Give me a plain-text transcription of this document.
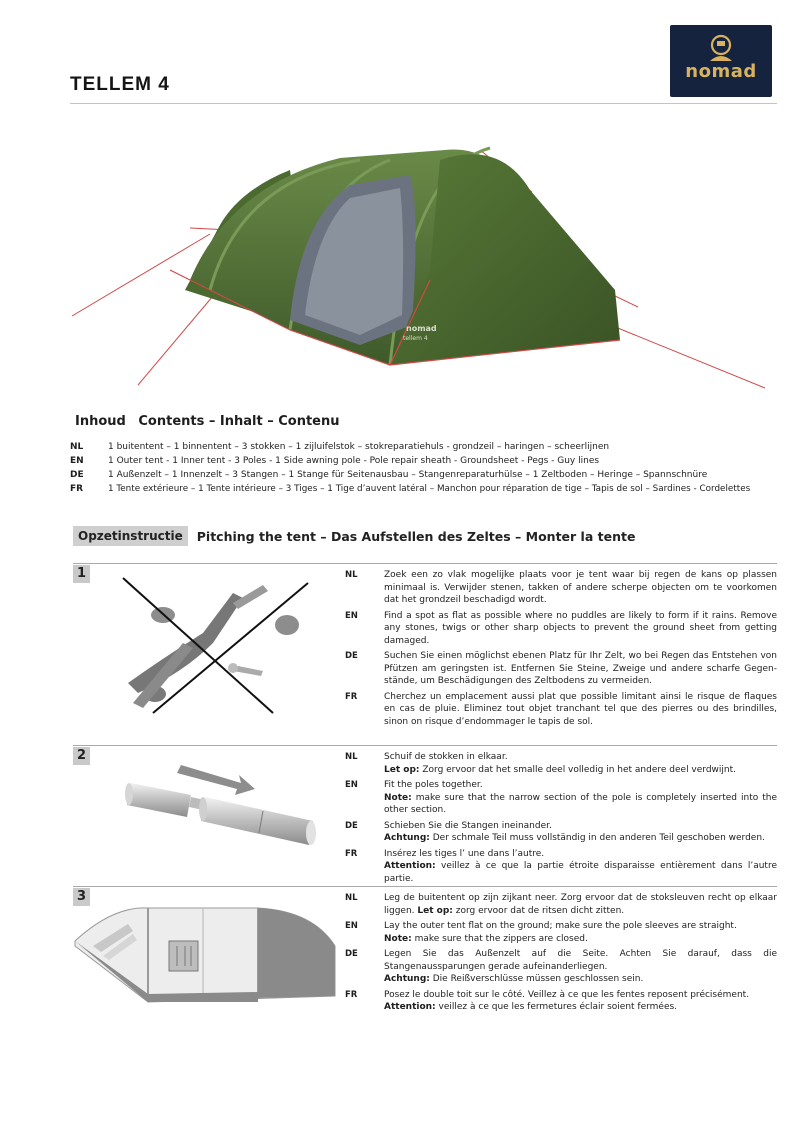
TELLEM 4
nomad
nomad
tellem 4
Inhoud Contents – Inhalt – Contenu
NL	1 buitentent – 1 binnentent – 3 stokken – 1 zijluifelstok – stokreparatiehuls - grondzeil – haringen – scheerlijnen
EN	1 Outer tent - 1 Inner tent - 3 Poles - 1 Side awning pole - Pole repair sheath - Groundsheet - Pegs - Guy lines
DE	1 Außenzelt – 1 Innenzelt – 3 Stangen – 1 Stange für Seitenausbau – Stangenreparaturhülse – 1 Zeltboden – Heringe – Spannschnüre
FR	1 Tente extérieure – 1 Tente intérieure – 3 Tiges – 1 Tige d’auvent latéral – Manchon pour réparation de tige – Tapis de sol – Sardines - Cordelettes
Opzetinstructie	Pitching the tent – Das Aufstellen des Zeltes – Monter la tente
1	NL	Zoek een zo vlak mogelijke plaats voor je tent waar bij regen de kans op plassen minimaal is. Verwijder stenen, takken of andere scherpe objecten om te voorkomen dat het grondzeil beschadigd wordt.
EN	Find a spot as flat as possible where no puddles are likely to form if it rains. Remove any stones, twigs or other sharp objects to prevent the ground sheet from getting damaged.
DE	Suchen Sie einen möglichst ebenen Platz für Ihr Zelt, wo bei Regen das Entstehen von Pfützen am geringsten ist. Entfernen Sie Steine, Zweige und andere scharfe Gegen-stände, um Beschädigungen des Zeltbodens zu vermeiden.
FR	Cherchez un emplacement aussi plat que possible limitant ainsi le risque de flaques en cas de pluie. Eliminez tout objet tranchant tel que des pierres ou des brindilles, sinon on risque d’endommager le tapis de sol.
2	NL	Schuif de stokken in elkaar.
Let op: Zorg ervoor dat het smalle deel volledig in het andere deel verdwijnt.
EN	Fit the poles together.
Note: make sure that the narrow section of the pole is completely inserted into the other section.
DE	Schieben Sie die Stangen ineinander.
Achtung: Der schmale Teil muss vollständig in den anderen Teil geschoben werden.
FR	Insérez les tiges l’ une dans l’autre.
Attention: veillez à ce que la partie étroite disparaisse entièrement dans l’autre partie.
3	NL	Leg de buitentent op zijn zijkant neer. Zorg ervoor dat de stoksleuven recht op elkaar liggen. Let op: zorg ervoor dat de ritsen dicht zitten.
EN	Lay the outer tent flat on the ground; make sure the pole sleeves are straight.
Note: make sure that the zippers are closed.
DE	Legen Sie das Außenzelt auf die Seite. Achten Sie darauf, dass die Stangenaussparungen gerade aufeinanderliegen.
Achtung: Die Reißverschlüsse müssen geschlossen sein.
FR	Posez le double toit sur le côté. Veillez à ce que les fentes reposent précisément.
Attention: veillez à ce que les fermetures éclair soient fermées.
